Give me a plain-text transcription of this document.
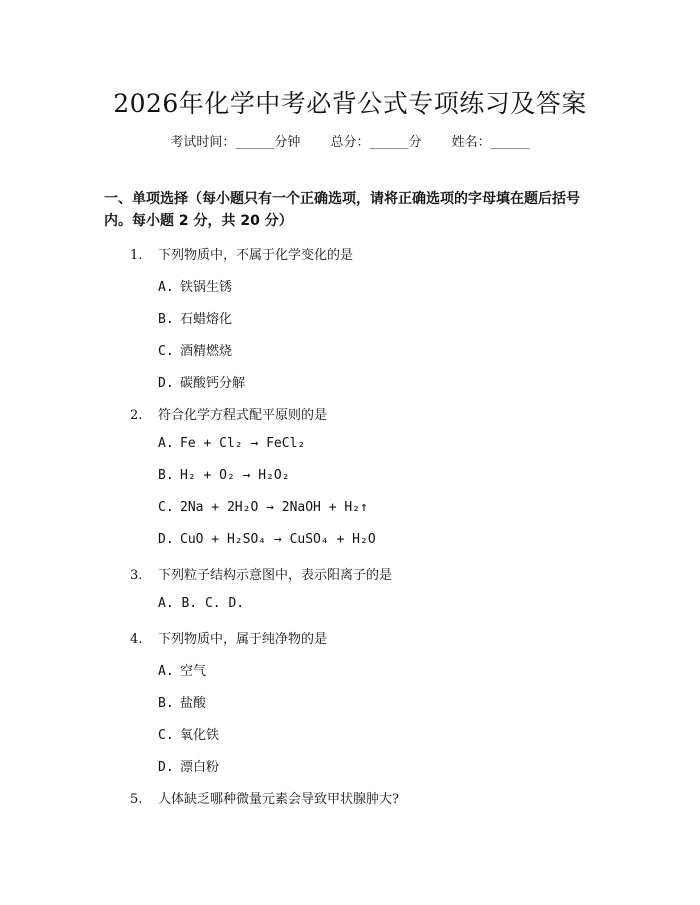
2026年化学中考必背公式专项练习及答案
考试时间：______分钟 总分：______分 姓名：______
一、单项选择（每小题只有一个正确选项，请将正确选项的字母填在题后括号
内。每小题 2 分，共 20 分）
1. 下列物质中，不属于化学变化的是
A. 铁锅生锈
B. 石蜡熔化
C. 酒精燃烧
D. 碳酸钙分解
2. 符合化学方程式配平原则的是
A. Fe + Cl₂ → FeCl₂
B. H₂ + O₂ → H₂O₂
C. 2Na + 2H₂O → 2NaOH + H₂↑
D. CuO + H₂SO₄ → CuSO₄ + H₂O
3. 下列粒子结构示意图中，表示阳离子的是
A. B. C. D.
4. 下列物质中，属于纯净物的是
A. 空气
B. 盐酸
C. 氧化铁
D. 漂白粉
5. 人体缺乏哪种微量元素会导致甲状腺肿大?
